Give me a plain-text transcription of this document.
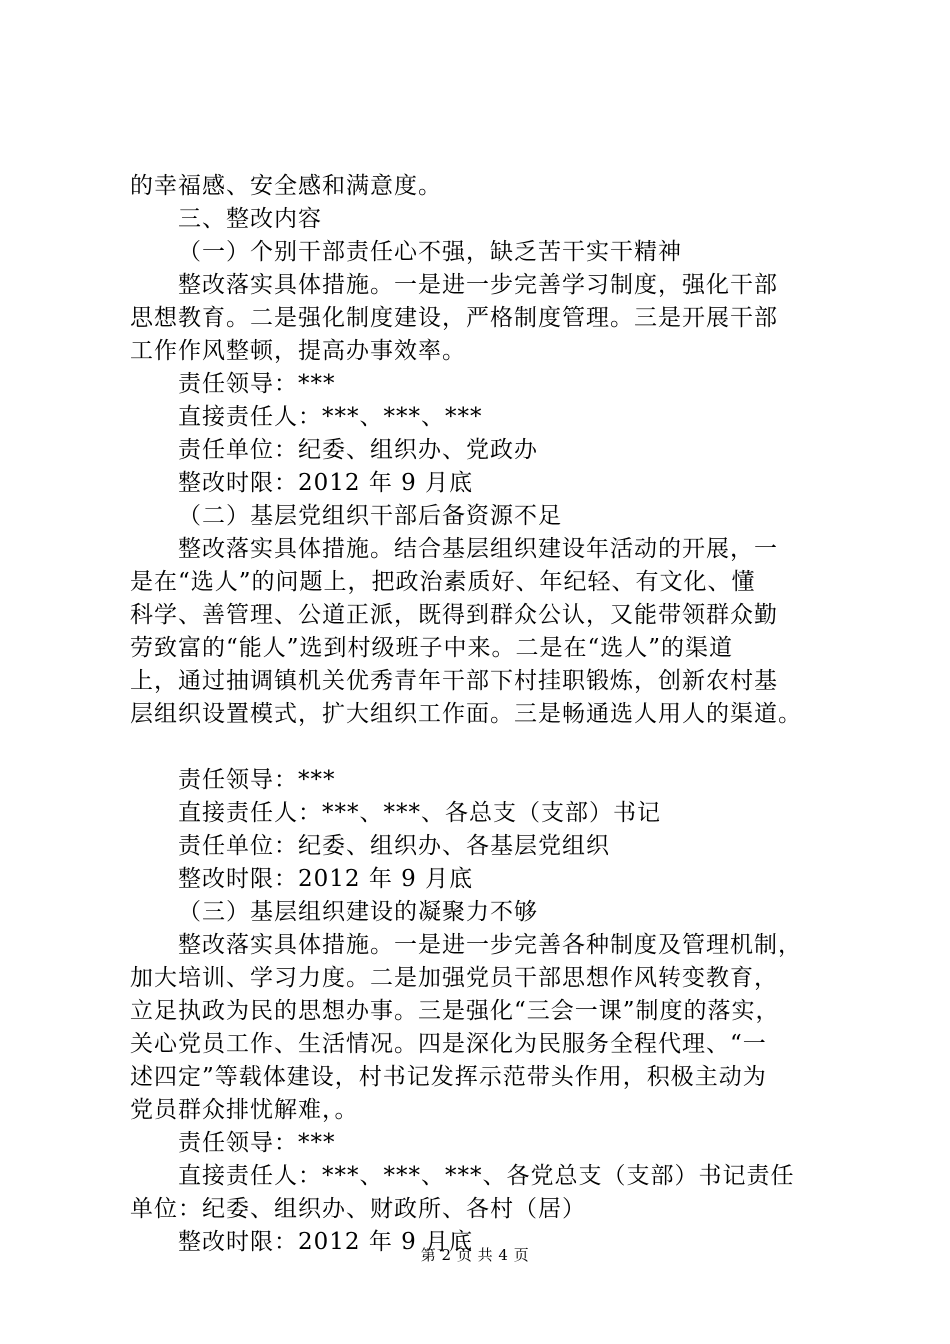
的幸福感、安全感和满意度。
三、整改内容
（一）个别干部责任心不强，缺乏苦干实干精神
整改落实具体措施。一是进一步完善学习制度，强化干部
思想教育。二是强化制度建设，严格制度管理。三是开展干部
工作作风整顿，提高办事效率。
责任领导：***
直接责任人：***、***、***
责任单位：纪委、组织办、党政办
整改时限：2012 年 9 月底
（二）基层党组织干部后备资源不足
整改落实具体措施。结合基层组织建设年活动的开展，一
是在“选人”的问题上，把政治素质好、年纪轻、有文化、懂
科学、善管理、公道正派，既得到群众公认，又能带领群众勤
劳致富的“能人”选到村级班子中来。二是在“选人”的渠道
上，通过抽调镇机关优秀青年干部下村挂职锻炼，创新农村基
层组织设置模式，扩大组织工作面。三是畅通选人用人的渠道。
责任领导：***
直接责任人：***、***、各总支（支部）书记
责任单位：纪委、组织办、各基层党组织
整改时限：2012 年 9 月底
（三）基层组织建设的凝聚力不够
整改落实具体措施。一是进一步完善各种制度及管理机制，
加大培训、学习力度。二是加强党员干部思想作风转变教育，
立足执政为民的思想办事。三是强化“三会一课”制度的落实，
关心党员工作、生活情况。四是深化为民服务全程代理、“一
述四定”等载体建设，村书记发挥示范带头作用，积极主动为
党员群众排忧解难，。
责任领导：***
直接责任人：***、***、***、各党总支（支部）书记责任
单位：纪委、组织办、财政所、各村（居）
整改时限：2012 年 9 月底
第 2 页 共 4 页
